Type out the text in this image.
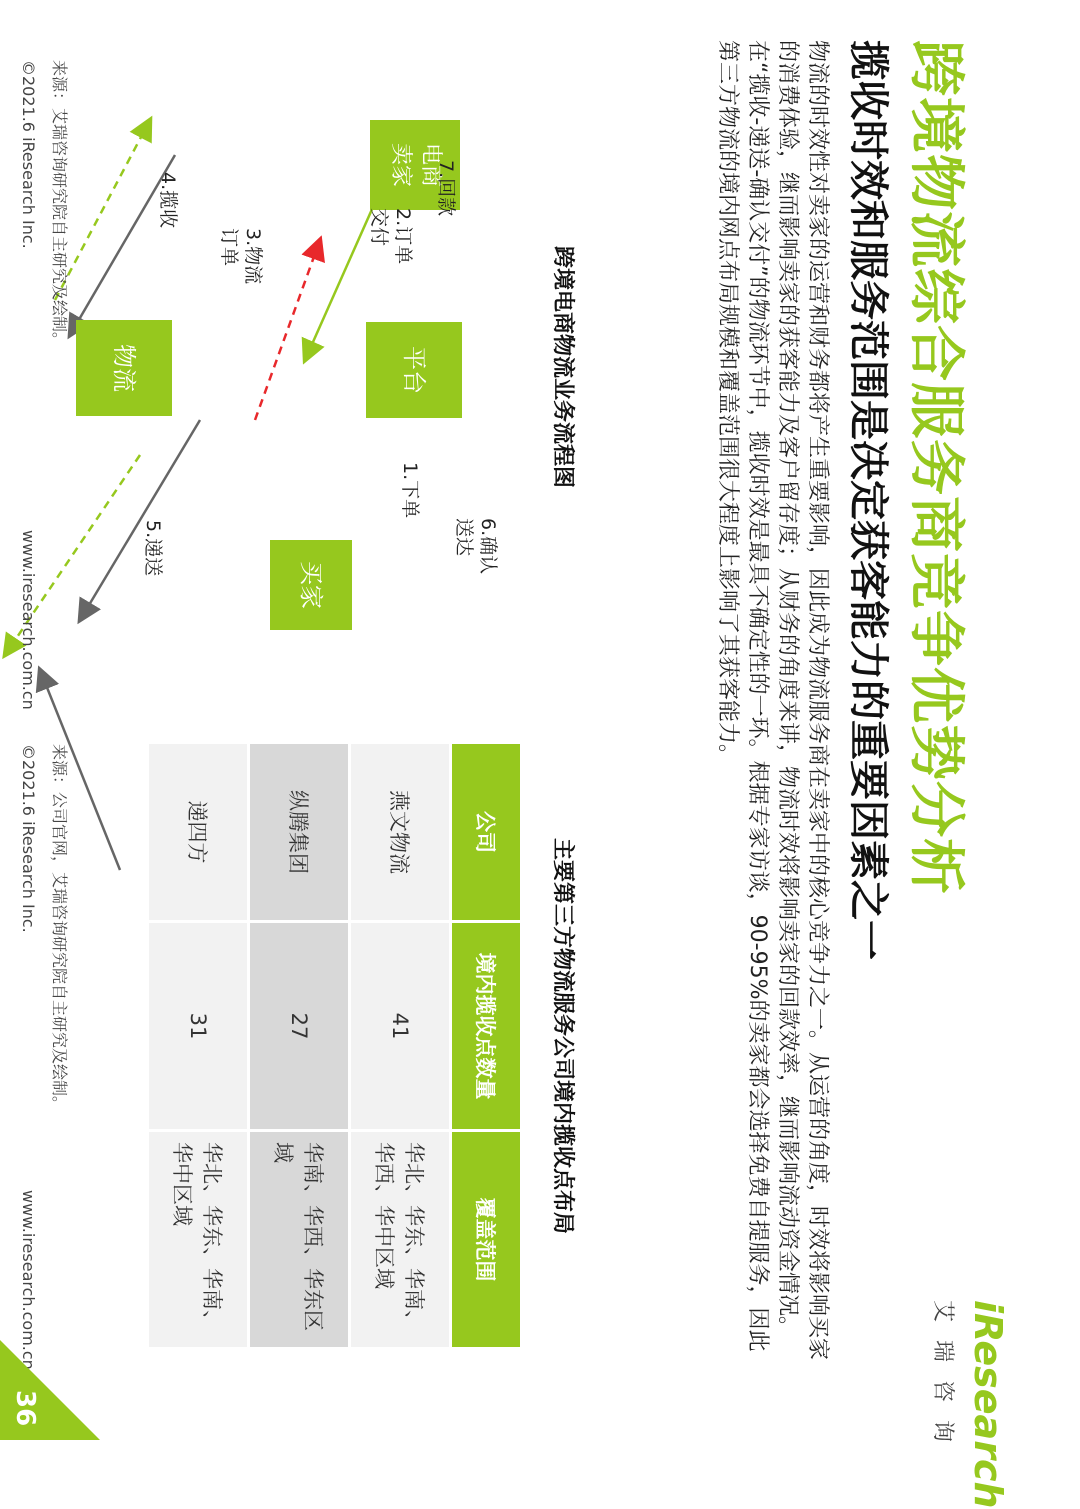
跨境物流综合服务商竞争优势分析
揽收时效和服务范围是决定获客能力的重要因素之一
iResearch
艾瑞咨询

物流的时效性对卖家的运营和财务都将产生重要影响，因此成为物流服务商在卖家中的核心竞争力之一。从运营的角度，时效将影响买家的消费体验，继而影响卖家的获客能力及客户留存度；从财务的角度来讲，物流时效将影响卖家的回款效率，继而影响流动资金情况。

在“揽收-递送-确认交付”的物流环节中，揽收时效是最具不确定性的一环。根据专家访谈，90-95%的卖家都会选择免费自提服务，因此第三方物流的境内网点布局规模和覆盖范围很大程度上影响了其获客能力。

跨境电商物流业务流程图
平台
电商卖家
买家
物流
1.下单
2.订单交付
3.物流订单
4.揽收
5.递送	6.确认送达
7.回款
来源：艾瑞咨询研究院自主研究及绘制。
主要第三方物流服务公司境内揽收点布局
公司	境内揽收点数量	覆盖范围
燕文物流	41	华北、华东、华南、华西、华中区域
纵腾集团	27	华南、华西、华东区域
递四方	31	华北、华东、华南、华中区域
来源：公司官网，艾瑞咨询研究院自主研究及绘制。
©2021.6 iResearch Inc.
www.iresearch.com.cn
©2021.6 iResearch Inc.
www.iresearch.com.cn
36
